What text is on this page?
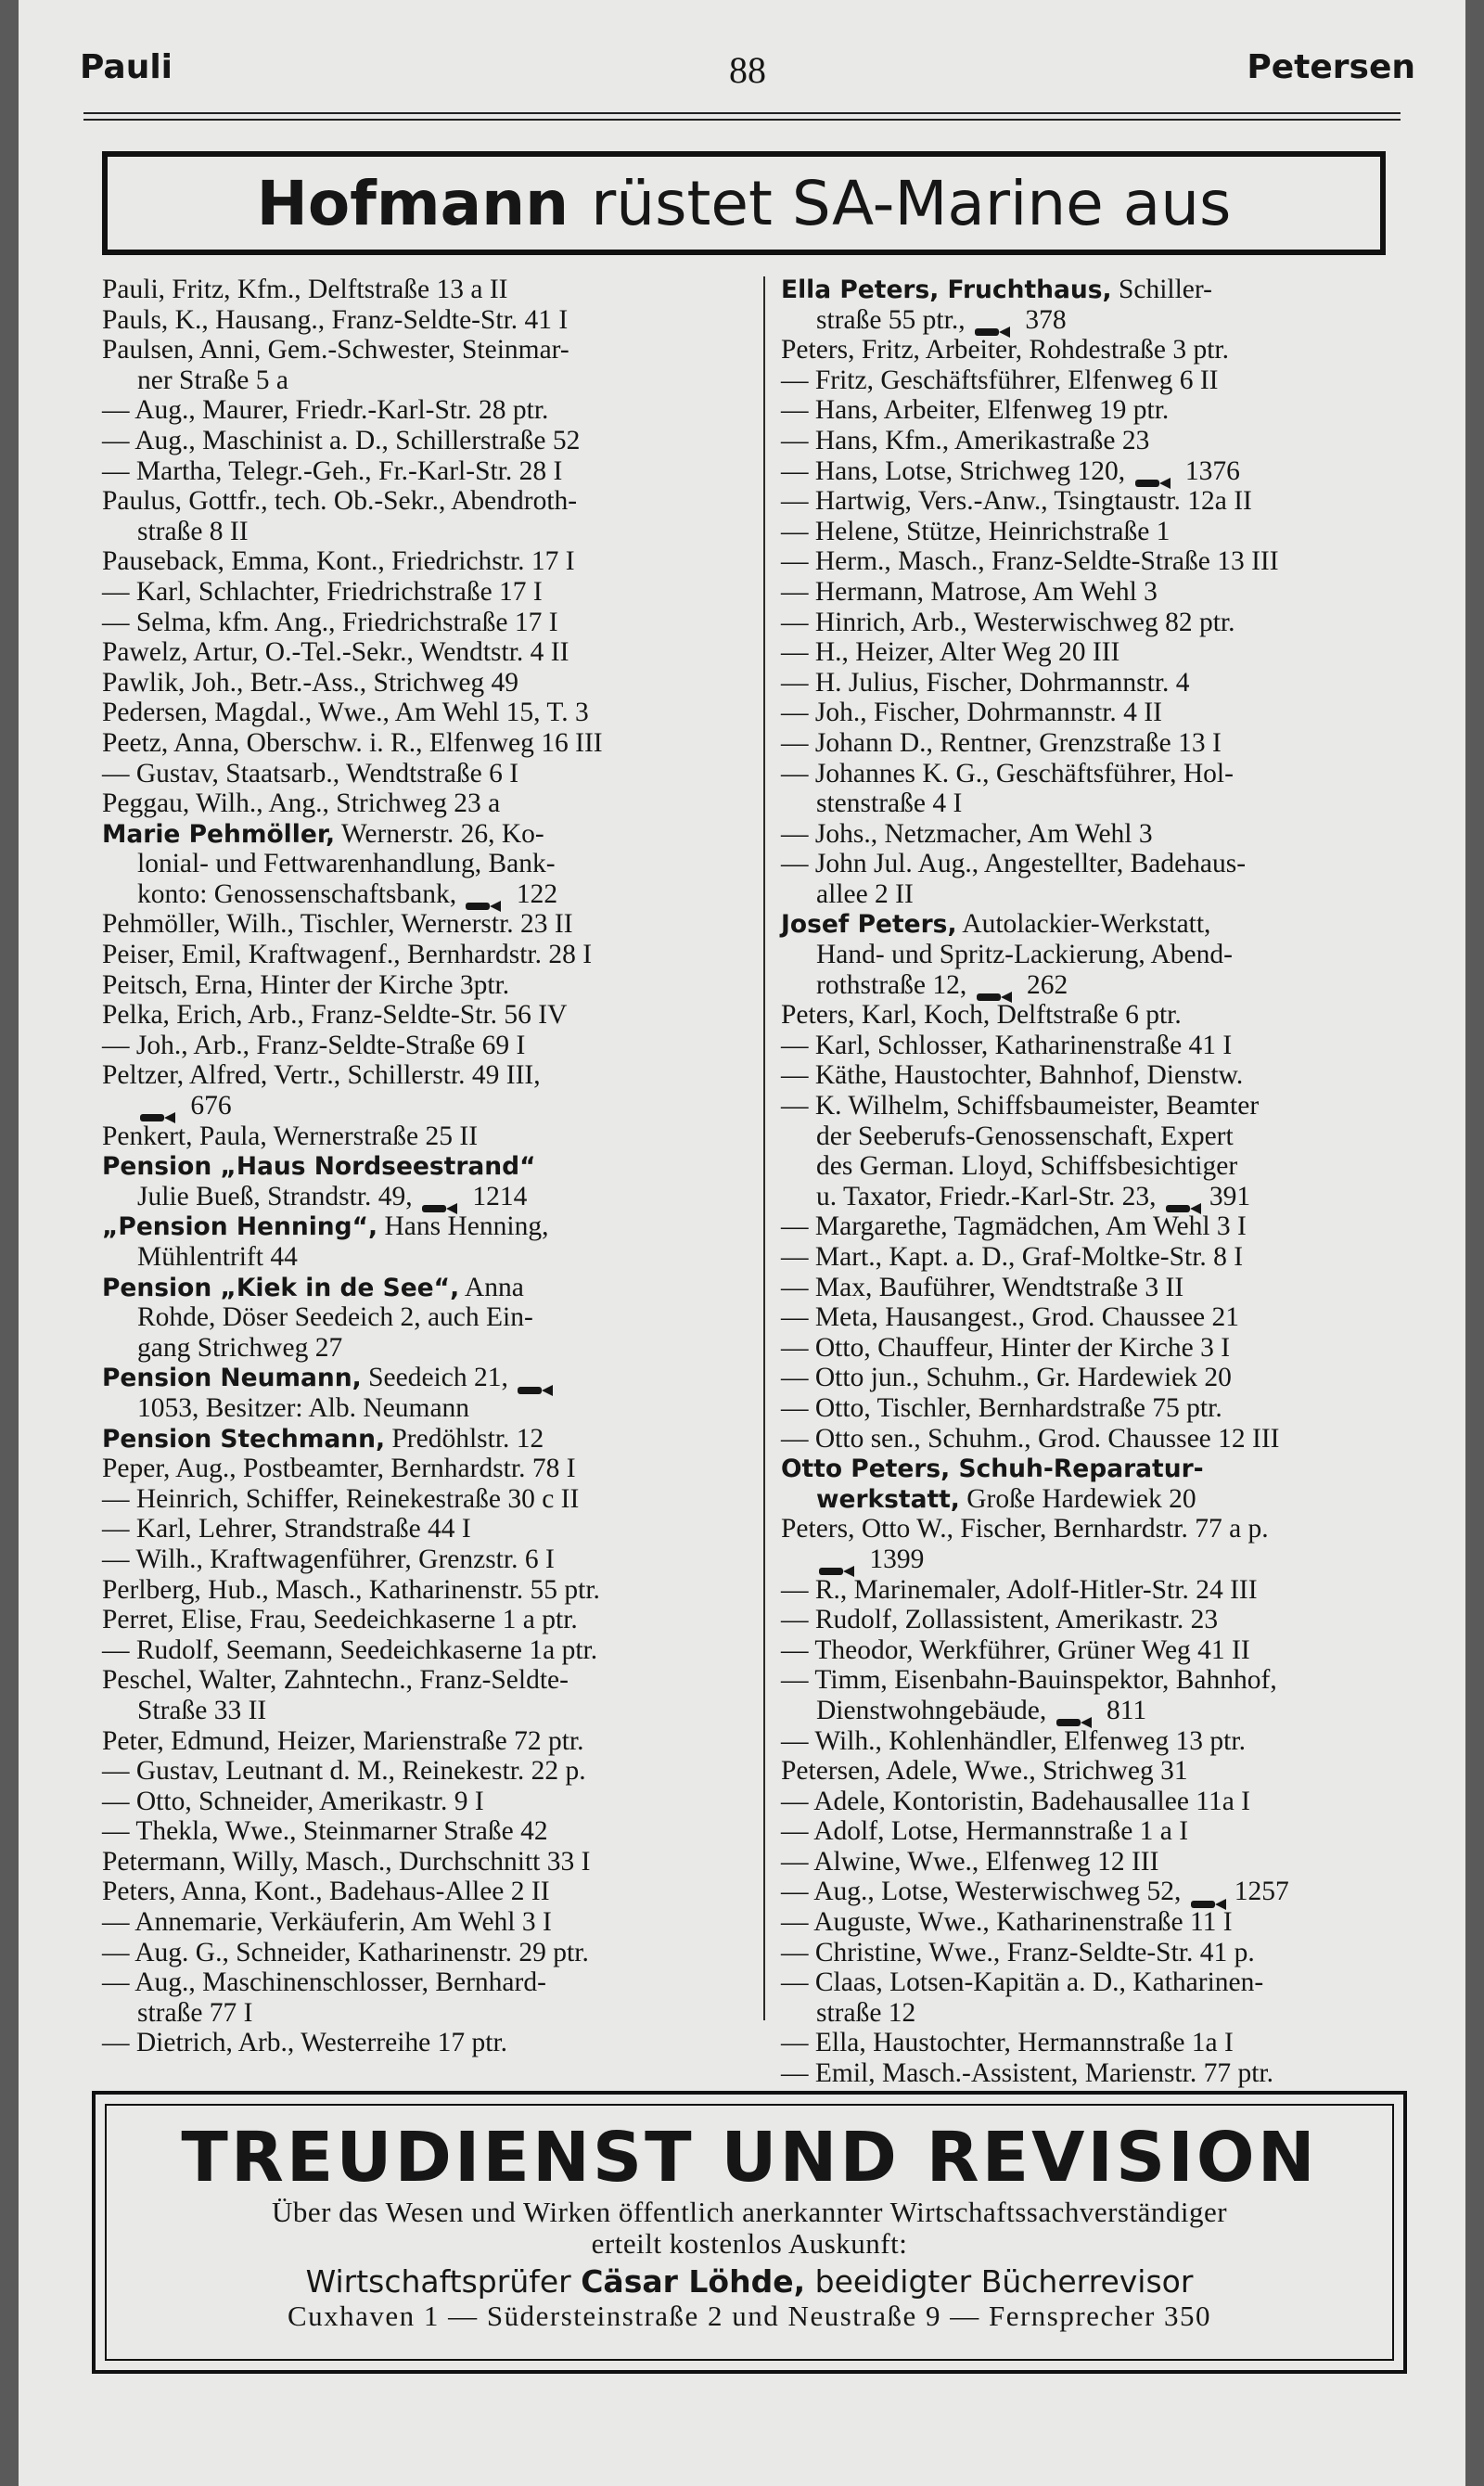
Pauli	88	Petersen
Hofmann rüstet SA-Marine aus
Pauli, Fritz, Kfm., Delftstraße 13 a II
Pauls, K., Hausang., Franz-Seldte-Str. 41 I
Paulsen, Anni, Gem.-Schwester, Steinmar-
ner Straße 5 a
— Aug., Maurer, Friedr.-Karl-Str. 28 ptr.
— Aug., Maschinist a. D., Schillerstraße 52
— Martha, Telegr.-Geh., Fr.-Karl-Str. 28 I
Paulus, Gottfr., tech. Ob.-Sekr., Abendroth-
straße 8 II
Pauseback, Emma, Kont., Friedrichstr. 17 I
— Karl, Schlachter, Friedrichstraße 17 I
— Selma, kfm. Ang., Friedrichstraße 17 I
Pawelz, Artur, O.-Tel.-Sekr., Wendtstr. 4 II
Pawlik, Joh., Betr.-Ass., Strichweg 49
Pedersen, Magdal., Wwe., Am Wehl 15, T. 3
Peetz, Anna, Oberschw. i. R., Elfenweg 16 III
— Gustav, Staatsarb., Wendtstraße 6 I
Peggau, Wilh., Ang., Strichweg 23 a
Marie Pehmöller, Wernerstr. 26, Ko-
lonial- und Fettwarenhandlung, Bank-
konto: Genossenschaftsbank,  122
Pehmöller, Wilh., Tischler, Wernerstr. 23 II
Peiser, Emil, Kraftwagenf., Bernhardstr. 28 I
Peitsch, Erna, Hinter der Kirche 3ptr.
Pelka, Erich, Arb., Franz-Seldte-Str. 56 IV
— Joh., Arb., Franz-Seldte-Straße 69 I
Peltzer, Alfred, Vertr., Schillerstr. 49 III,
676
Penkert, Paula, Wernerstraße 25 II
Pension „Haus Nordseestrand“
Julie Bueß, Strandstr. 49,  1214
„Pension Henning“, Hans Henning,
Mühlentrift 44
Pension „Kiek in de See“, Anna
Rohde, Döser Seedeich 2, auch Ein-
gang Strichweg 27
Pension Neumann, Seedeich 21,
1053, Besitzer: Alb. Neumann
Pension Stechmann, Predöhlstr. 12
Peper, Aug., Postbeamter, Bernhardstr. 78 I
— Heinrich, Schiffer, Reinekestraße 30 c II
— Karl, Lehrer, Strandstraße 44 I
— Wilh., Kraftwagenführer, Grenzstr. 6 I
Perlberg, Hub., Masch., Katharinenstr. 55 ptr.
Perret, Elise, Frau, Seedeichkaserne 1 a ptr.
— Rudolf, Seemann, Seedeichkaserne 1a ptr.
Peschel, Walter, Zahntechn., Franz-Seldte-
Straße 33 II
Peter, Edmund, Heizer, Marienstraße 72 ptr.
— Gustav, Leutnant d. M., Reinekestr. 22 p.
— Otto, Schneider, Amerikastr. 9 I
— Thekla, Wwe., Steinmarner Straße 42
Petermann, Willy, Masch., Durchschnitt 33 I
Peters, Anna, Kont., Badehaus-Allee 2 II
— Annemarie, Verkäuferin, Am Wehl 3 I
— Aug. G., Schneider, Katharinenstr. 29 ptr.
— Aug., Maschinenschlosser, Bernhard-
straße 77 I
— Dietrich, Arb., Westerreihe 17 ptr.
Ella Peters, Fruchthaus, Schiller-
straße 55 ptr.,  378
Peters, Fritz, Arbeiter, Rohdestraße 3 ptr.
— Fritz, Geschäftsführer, Elfenweg 6 II
— Hans, Arbeiter, Elfenweg 19 ptr.
— Hans, Kfm., Amerikastraße 23
— Hans, Lotse, Strichweg 120,  1376
— Hartwig, Vers.-Anw., Tsingtaustr. 12a II
— Helene, Stütze, Heinrichstraße 1
— Herm., Masch., Franz-Seldte-Straße 13 III
— Hermann, Matrose, Am Wehl 3
— Hinrich, Arb., Westerwischweg 82 ptr.
— H., Heizer, Alter Weg 20 III
— H. Julius, Fischer, Dohrmannstr. 4
— Joh., Fischer, Dohrmannstr. 4 II
— Johann D., Rentner, Grenzstraße 13 I
— Johannes K. G., Geschäftsführer, Hol-
stenstraße 4 I
— Johs., Netzmacher, Am Wehl 3
— John Jul. Aug., Angestellter, Badehaus-
allee 2 II
Josef Peters, Autolackier-Werkstatt,
Hand- und Spritz-Lackierung, Abend-
rothstraße 12,  262
Peters, Karl, Koch, Delftstraße 6 ptr.
— Karl, Schlosser, Katharinenstraße 41 I
— Käthe, Haustochter, Bahnhof, Dienstw.
— K. Wilhelm, Schiffsbaumeister, Beamter
der Seeberufs-Genossenschaft, Expert
des German. Lloyd, Schiffsbesichtiger
u. Taxator, Friedr.-Karl-Str. 23, 391
— Margarethe, Tagmädchen, Am Wehl 3 I
— Mart., Kapt. a. D., Graf-Moltke-Str. 8 I
— Max, Bauführer, Wendtstraße 3 II
— Meta, Hausangest., Grod. Chaussee 21
— Otto, Chauffeur, Hinter der Kirche 3 I
— Otto jun., Schuhm., Gr. Hardewiek 20
— Otto, Tischler, Bernhardstraße 75 ptr.
— Otto sen., Schuhm., Grod. Chaussee 12 III
Otto Peters, Schuh-Reparatur-
werkstatt, Große Hardewiek 20
Peters, Otto W., Fischer, Bernhardstr. 77 a p.
1399
— R., Marinemaler, Adolf-Hitler-Str. 24 III
— Rudolf, Zollassistent, Amerikastr. 23
— Theodor, Werkführer, Grüner Weg 41 II
— Timm, Eisenbahn-Bauinspektor, Bahnhof,
Dienstwohngebäude,  811
— Wilh., Kohlenhändler, Elfenweg 13 ptr.
Petersen, Adele, Wwe., Strichweg 31
— Adele, Kontoristin, Badehausallee 11a I
— Adolf, Lotse, Hermannstraße 1 a I
— Alwine, Wwe., Elfenweg 12 III
— Aug., Lotse, Westerwischweg 52, 1257
— Auguste, Wwe., Katharinenstraße 11 I
— Christine, Wwe., Franz-Seldte-Str. 41 p.
— Claas, Lotsen-Kapitän a. D., Katharinen-
straße 12
— Ella, Haustochter, Hermannstraße 1a I
— Emil, Masch.-Assistent, Marienstr. 77 ptr.
TREUDIENST UND REVISION
Über das Wesen und Wirken öffentlich anerkannter Wirtschaftssachverständiger
erteilt kostenlos Auskunft:
Wirtschaftsprüfer Cäsar Löhde, beeidigter Bücherrevisor
Cuxhaven 1 — Südersteinstraße 2 und Neustraße 9 — Fernsprecher 350
